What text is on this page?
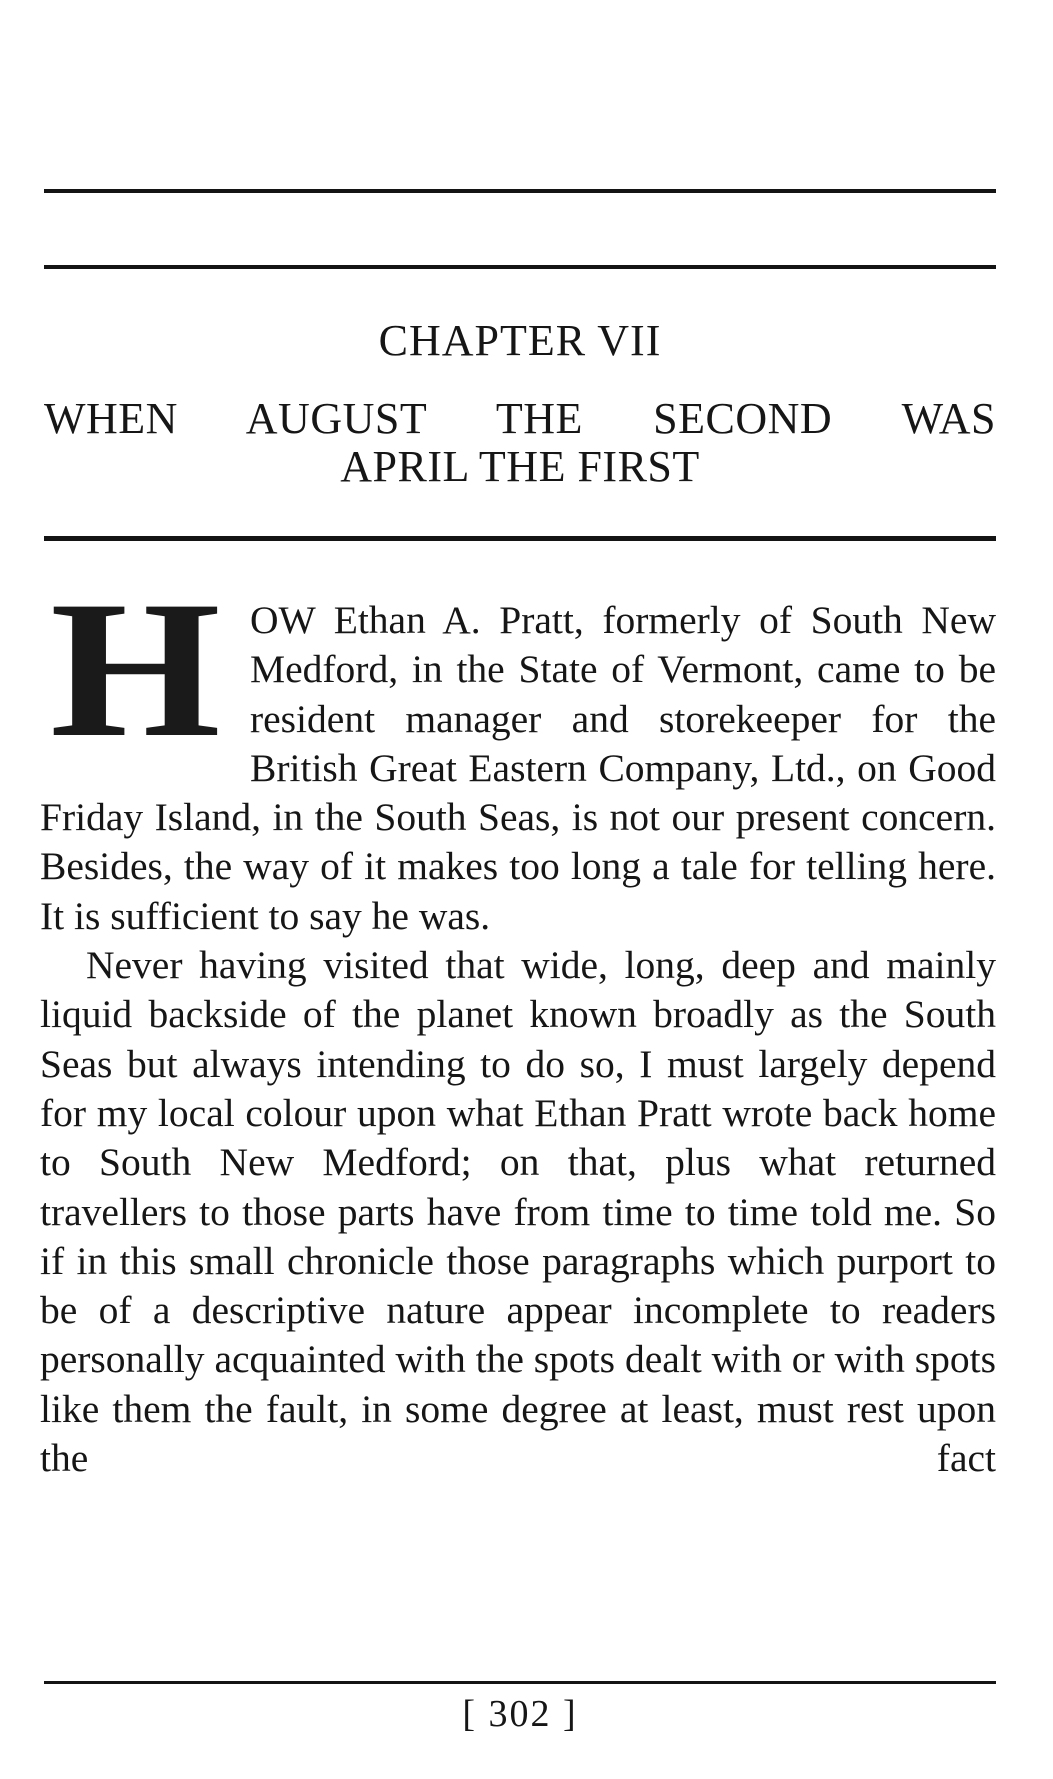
CHAPTER VII
WHEN AUGUST THE SECOND WAS
APRIL THE FIRST
H OW Ethan A. Pratt, formerly of South New Medford, in the State of Vermont, came to be resident manager and storekeeper for the British Great Eastern Company, Ltd., on Good Friday Island, in the South Seas, is not our present concern. Besides, the way of it makes too long a tale for telling here. It is sufficient to say he was.

Never having visited that wide, long, deep and mainly liquid backside of the planet known broadly as the South Seas but always intending to do so, I must largely depend for my local colour upon what Ethan Pratt wrote back home to South New Medford; on that, plus what returned travellers to those parts have from time to time told me. So if in this small chronicle those paragraphs which purport to be of a descriptive nature appear incomplete to readers personally acquainted with the spots dealt with or with spots like them the fault, in some degree at least, must rest upon the fact

[ 302 ]
